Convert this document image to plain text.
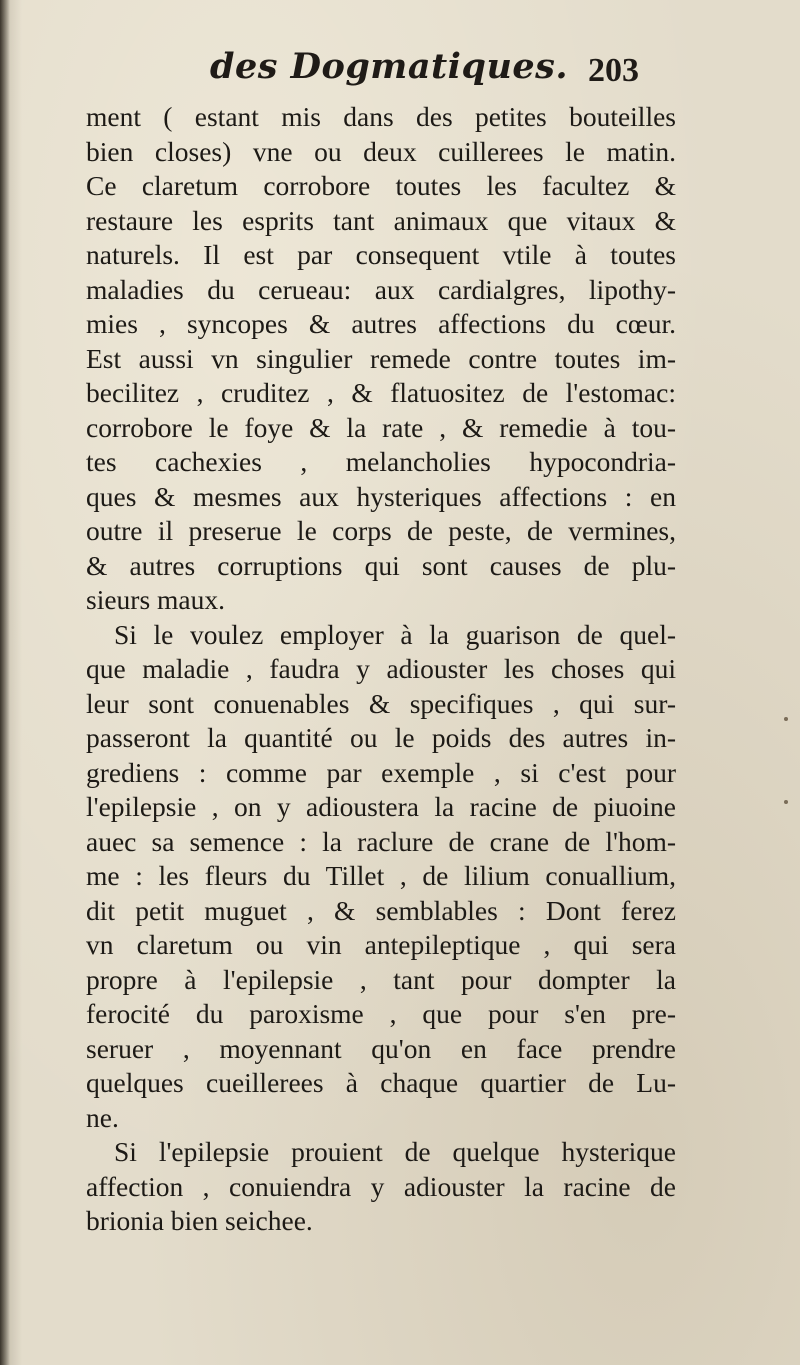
des Dogmatiques. 203
ment ( estant mis dans des petites bouteilles
bien closes) vne ou deux cuillerees le matin.
Ce claretum corrobore toutes les facultez &
restaure les esprits tant animaux que vitaux &
naturels. Il est par consequent vtile à toutes
maladies du cerueau: aux cardialgres, lipothy-
mies , syncopes & autres affections du cœur.
Est aussi vn singulier remede contre toutes im-
becilitez , cruditez , & flatuositez de l'estomac:
corrobore le foye & la rate , & remedie à tou-
tes cachexies , melancholies hypocondria-
ques & mesmes aux hysteriques affections : en
outre il preserue le corps de peste, de vermines,
& autres corruptions qui sont causes de plu-
sieurs maux.
Si le voulez employer à la guarison de quel-
que maladie , faudra y adiouster les choses qui
leur sont conuenables & specifiques , qui sur-
passeront la quantité ou le poids des autres in-
grediens : comme par exemple , si c'est pour
l'epilepsie , on y adioustera la racine de piuoine
auec sa semence : la raclure de crane de l'hom-
me : les fleurs du Tillet , de lilium conuallium,
dit petit muguet , & semblables : Dont ferez
vn claretum ou vin antepileptique , qui sera
propre à l'epilepsie , tant pour dompter la
ferocité du paroxisme , que pour s'en pre-
seruer , moyennant qu'on en face prendre
quelques cueillerees à chaque quartier de Lu-
ne.
Si l'epilepsie prouient de quelque hysterique
affection , conuiendra y adiouster la racine de
brionia bien seichee.
